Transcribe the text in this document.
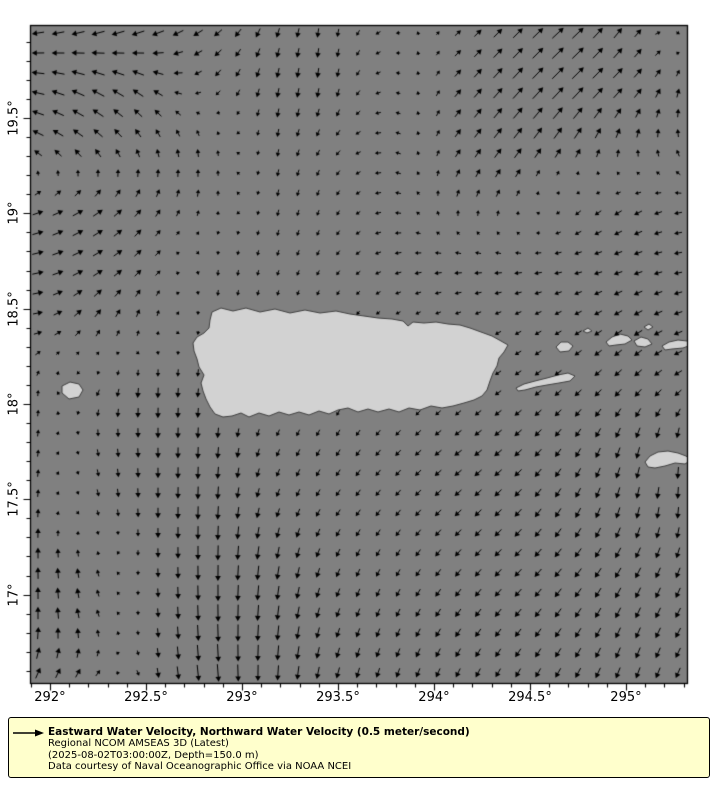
292°	292.5°	293°	293.5°	294°	294.5°	295°
19.5°
19°
18.5°
18°
17.5°
17°
Eastward Water Velocity, Northward Water Velocity (0.5 meter/second)
Regional NCOM AMSEAS 3D (Latest)
(2025-08-02T03:00:00Z, Depth=150.0 m)
Data courtesy of Naval Oceanographic Office via NOAA NCEI
